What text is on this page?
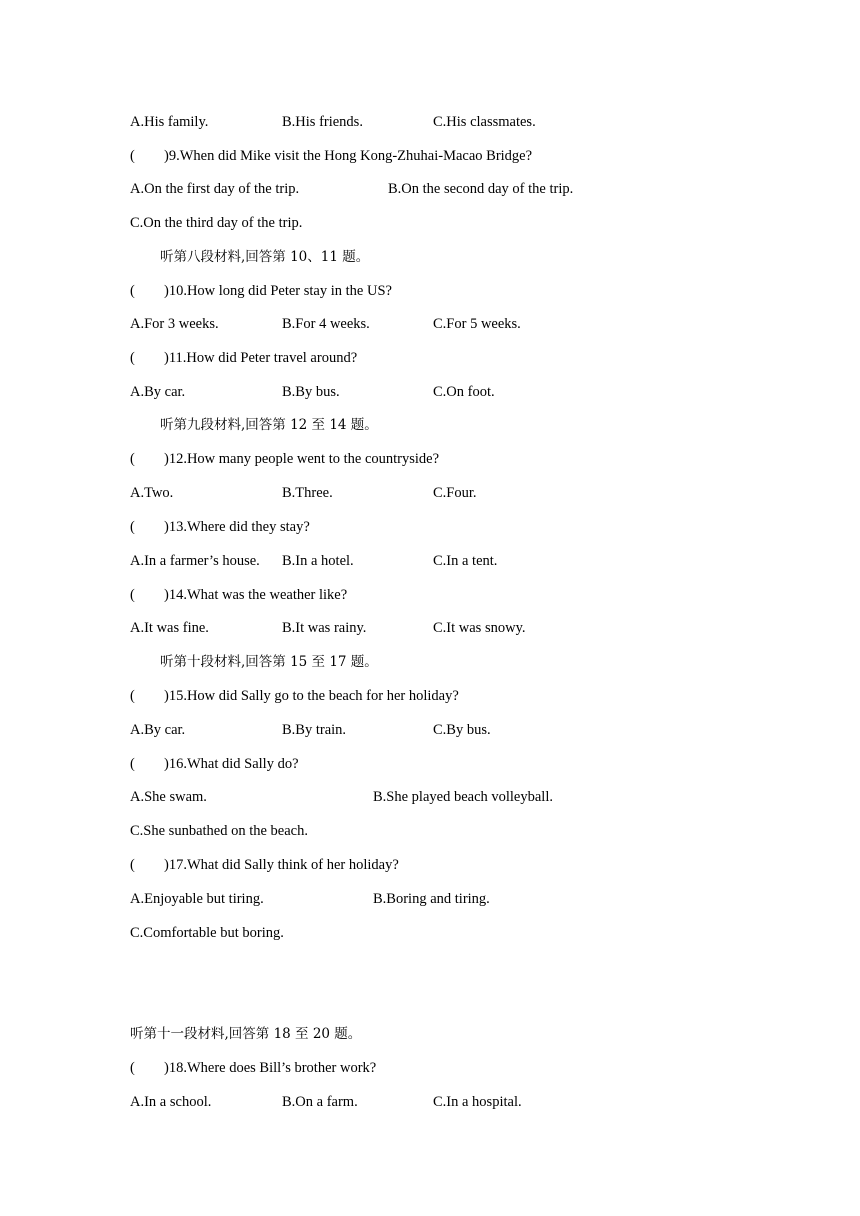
A.His family.	B.His friends.	C.His classmates.
( )9.When did Mike visit the Hong Kong-Zhuhai-Macao Bridge?
A.On the first day of the trip.	B.On the second day of the trip.
C.On the third day of the trip.
听第八段材料,回答第 10、11 题。
( )10.How long did Peter stay in the US?
A.For 3 weeks.	B.For 4 weeks.	C.For 5 weeks.
( )11.How did Peter travel around?
A.By car.	B.By bus.	C.On foot.
听第九段材料,回答第 12 至 14 题。
( )12.How many people went to the countryside?
A.Two.	B.Three.	C.Four.
( )13.Where did they stay?
A.In a farmer’s house. B.In a hotel.	C.In a tent.
( )14.What was the weather like?
A.It was fine.	B.It was rainy.	C.It was snowy.
听第十段材料,回答第 15 至 17 题。
( )15.How did Sally go to the beach for her holiday?
A.By car.	B.By train.	C.By bus.
( )16.What did Sally do?
A.She swam.	B.She played beach volleyball.
C.She sunbathed on the beach.
( )17.What did Sally think of her holiday?
A.Enjoyable but tiring.	B.Boring and tiring.
C.Comfortable but boring.
听第十一段材料,回答第 18 至 20 题。
( )18.Where does Bill’s brother work?
A.In a school.	B.On a farm.	C.In a hospital.
